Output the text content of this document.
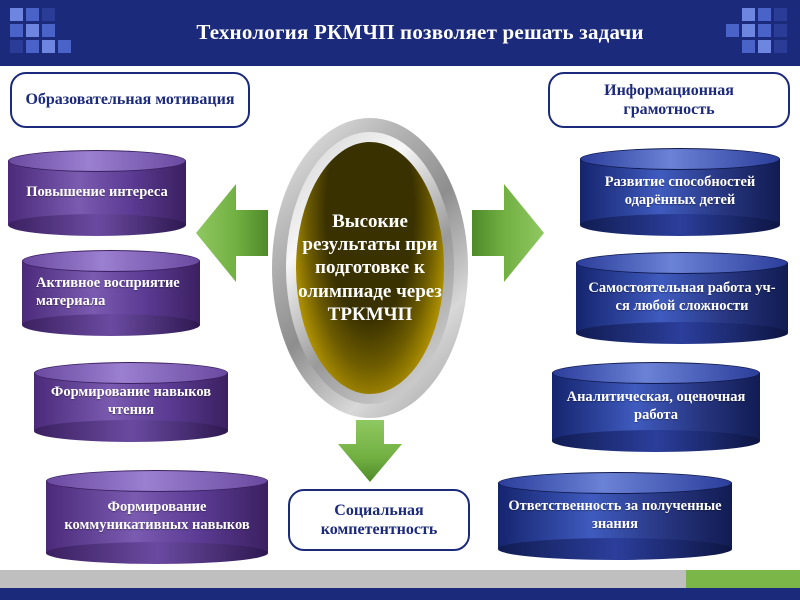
Технология РКМЧП позволяет решать задачи
Образовательная мотивация
Информационная грамотность
Социальная компетентность
Высокие результаты при подготовке к олимпиаде через ТРКМЧП
Повышение интереса
Активное восприятие материала
Формирование навыков чтения
Формирование коммуникативных навыков
Развитие способностей одарённых детей
Самостоятельная работа уч-ся любой сложности
Аналитическая, оценочная работа
Ответственность за полученные знания
